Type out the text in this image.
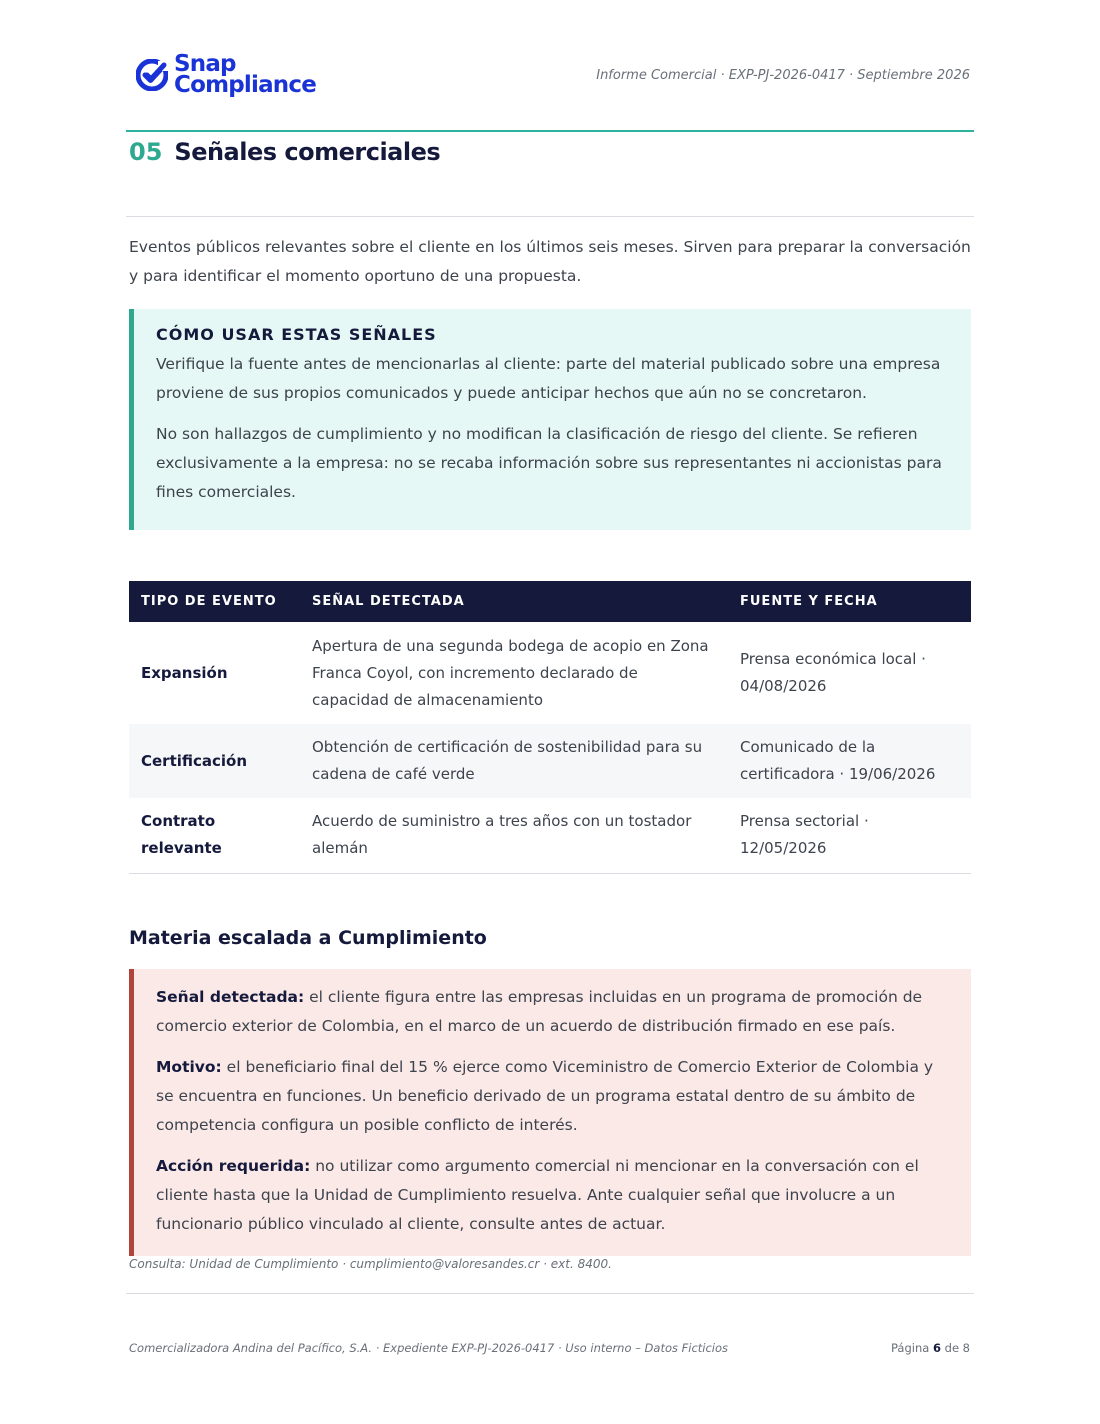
Snap
Compliance	Informe Comercial · EXP-PJ-2026-0417 · Septiembre 2026
05 Señales comerciales

Eventos públicos relevantes sobre el cliente en los últimos seis meses. Sirven para preparar la conversación y para identificar el momento oportuno de una propuesta.

CÓMO USAR ESTAS SEÑALES

Verifique la fuente antes de mencionarlas al cliente: parte del material publicado sobre una empresa proviene de sus propios comunicados y puede anticipar hechos que aún no se concretaron.

No son hallazgos de cumplimiento y no modifican la clasificación de riesgo del cliente. Se refieren exclusivamente a la empresa: no se recaba información sobre sus representantes ni accionistas para fines comerciales.

TIPO DE EVENTO	SEÑAL DETECTADA	FUENTE Y FECHA
Expansión	Apertura de una segunda bodega de acopio en Zona Franca Coyol, con incremento declarado de capacidad de almacenamiento	Prensa económica local · 04/08/2026
Certificación	Obtención de certificación de sostenibilidad para su cadena de café verde	Comunicado de la certificadora · 19/06/2026
Contrato relevante	Acuerdo de suministro a tres años con un tostador alemán	Prensa sectorial · 12/05/2026
Materia escalada a Cumplimiento

Señal detectada: el cliente figura entre las empresas incluidas en un programa de promoción de comercio exterior de Colombia, en el marco de un acuerdo de distribución firmado en ese país.

Motivo: el beneficiario final del 15 % ejerce como Viceministro de Comercio Exterior de Colombia y se encuentra en funciones. Un beneficio derivado de un programa estatal dentro de su ámbito de competencia configura un posible conflicto de interés.

Acción requerida: no utilizar como argumento comercial ni mencionar en la conversación con el cliente hasta que la Unidad de Cumplimiento resuelva. Ante cualquier señal que involucre a un funcionario público vinculado al cliente, consulte antes de actuar.

Consulta: Unidad de Cumplimiento · cumplimiento@valoresandes.cr · ext. 8400.
Comercializadora Andina del Pacífico, S.A. · Expediente EXP-PJ-2026-0417 · Uso interno – Datos Ficticios	Página 6 de 8
